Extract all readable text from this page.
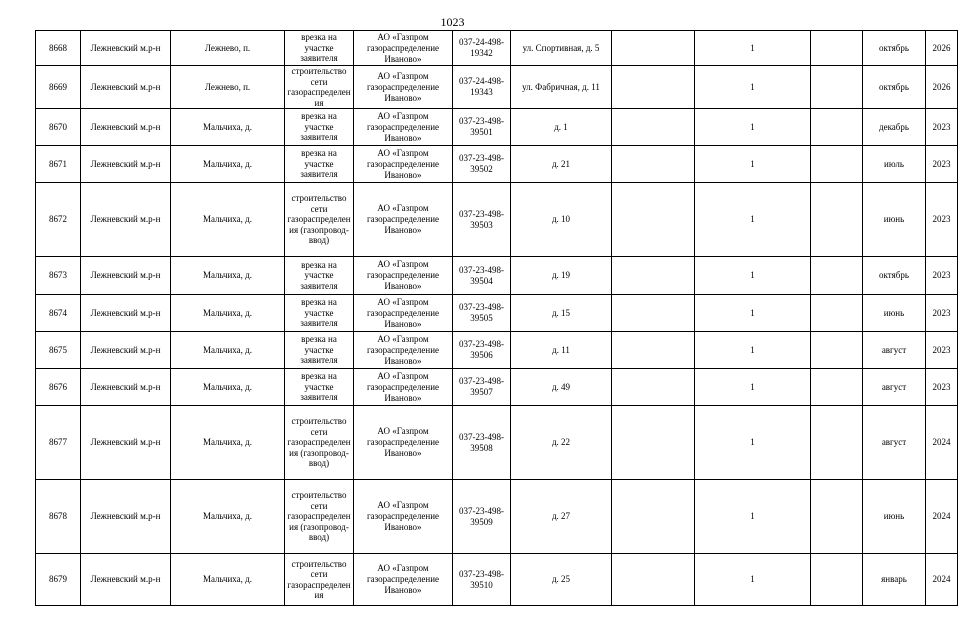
1023
8668	Лежневский м.р-н	Лежнево, п.	врезка на участке заявителя	АО «Газпром газораспределение Иваново»	037-24-498-19342	ул. Спортивная, д. 5		1		октябрь	2026
8669	Лежневский м.р-н	Лежнево, п.	строительство сети газораспределения	АО «Газпром газораспределение Иваново»	037-24-498-19343	ул. Фабричная, д. 11		1		октябрь	2026
8670	Лежневский м.р-н	Мальчиха, д.	врезка на участке заявителя	АО «Газпром газораспределение Иваново»	037-23-498-39501	д. 1		1		декабрь	2023
8671	Лежневский м.р-н	Мальчиха, д.	врезка на участке заявителя	АО «Газпром газораспределение Иваново»	037-23-498-39502	д. 21		1		июль	2023
8672	Лежневский м.р-н	Мальчиха, д.	строительство сети газораспределения (газопровод-ввод)	АО «Газпром газораспределение Иваново»	037-23-498-39503	д. 10		1		июнь	2023
8673	Лежневский м.р-н	Мальчиха, д.	врезка на участке заявителя	АО «Газпром газораспределение Иваново»	037-23-498-39504	д. 19		1		октябрь	2023
8674	Лежневский м.р-н	Мальчиха, д.	врезка на участке заявителя	АО «Газпром газораспределение Иваново»	037-23-498-39505	д. 15		1		июнь	2023
8675	Лежневский м.р-н	Мальчиха, д.	врезка на участке заявителя	АО «Газпром газораспределение Иваново»	037-23-498-39506	д. 11		1		август	2023
8676	Лежневский м.р-н	Мальчиха, д.	врезка на участке заявителя	АО «Газпром газораспределение Иваново»	037-23-498-39507	д. 49		1		август	2023
8677	Лежневский м.р-н	Мальчиха, д.	строительство сети газораспределения (газопровод-ввод)	АО «Газпром газораспределение Иваново»	037-23-498-39508	д. 22		1		август	2024
8678	Лежневский м.р-н	Мальчиха, д.	строительство сети газораспределения (газопровод-ввод)	АО «Газпром газораспределение Иваново»	037-23-498-39509	д. 27		1		июнь	2024
8679	Лежневский м.р-н	Мальчиха, д.	строительство сети газораспределения	АО «Газпром газораспределение Иваново»	037-23-498-39510	д. 25		1		январь	2024
